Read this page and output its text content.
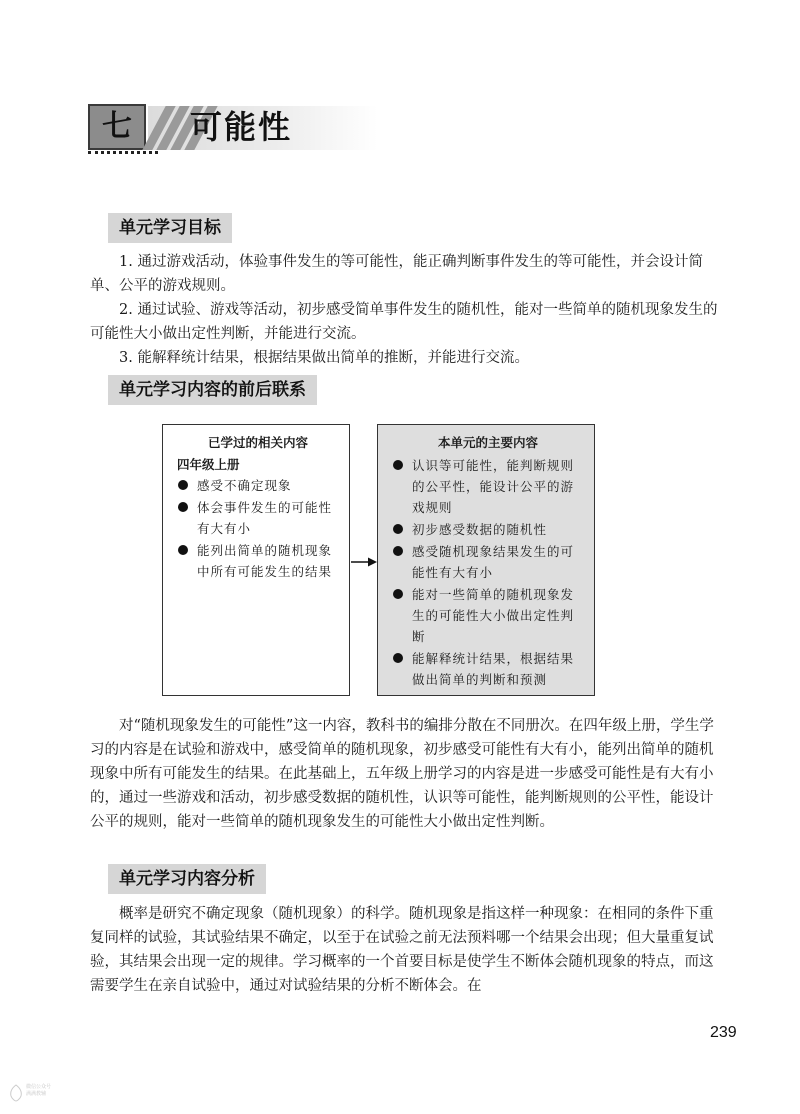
七	可能性
单元学习目标

1. 通过游戏活动，体验事件发生的等可能性，能正确判断事件发生的等可能性，并会设计简单、公平的游戏规则。

2. 通过试验、游戏等活动，初步感受简单事件发生的随机性，能对一些简单的随机现象发生的可能性大小做出定性判断，并能进行交流。

3. 能解释统计结果，根据结果做出简单的推断，并能进行交流。

单元学习内容的前后联系
已学过的相关内容
四年级上册
感受不确定现象
体会事件发生的可能性有大有小
能列出简单的随机现象中所有可能发生的结果
本单元的主要内容
认识等可能性，能判断规则的公平性，能设计公平的游戏规则
初步感受数据的随机性
感受随机现象结果发生的可能性有大有小
能对一些简单的随机现象发生的可能性大小做出定性判断
能解释统计结果，根据结果做出简单的判断和预测

对“随机现象发生的可能性”这一内容，教科书的编排分散在不同册次。在四年级上册，学生学习的内容是在试验和游戏中，感受简单的随机现象，初步感受可能性有大有小，能列出简单的随机现象中所有可能发生的结果。在此基础上，五年级上册学习的内容是进一步感受可能性是有大有小的，通过一些游戏和活动，初步感受数据的随机性，认识等可能性，能判断规则的公平性，能设计公平的规则，能对一些简单的随机现象发生的可能性大小做出定性判断。

单元学习内容分析

概率是研究不确定现象（随机现象）的科学。随机现象是指这样一种现象：在相同的条件下重复同样的试验，其试验结果不确定，以至于在试验之前无法预料哪一个结果会出现；但大量重复试验，其结果会出现一定的规律。学习概率的一个首要目标是使学生不断体会随机现象的特点，而这需要学生在亲自试验中，通过对试验结果的分析不断体会。在

239
微信公众号
满满教辅
